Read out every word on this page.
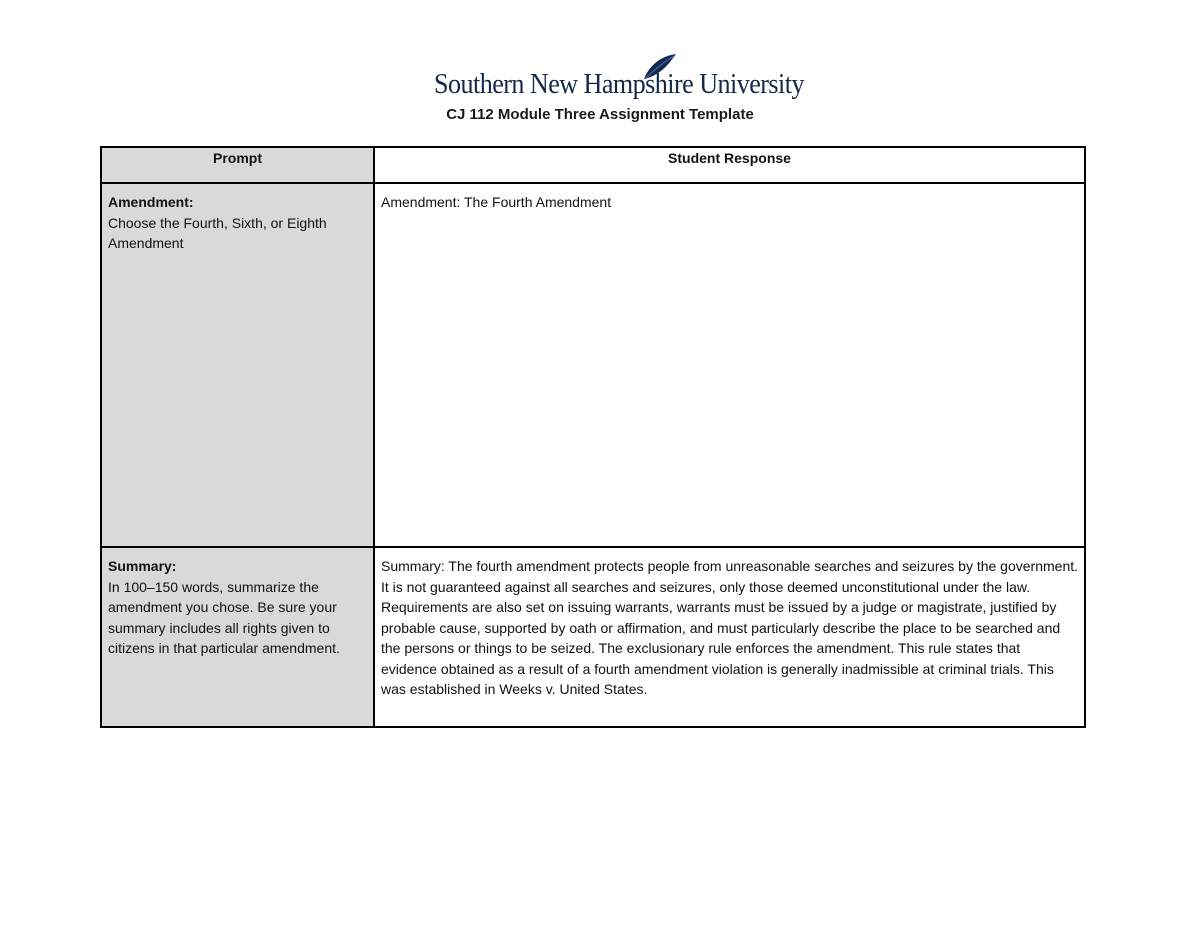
Southern New Hampshire University
CJ 112 Module Three Assignment Template
Prompt	Student Response

Amendment:
Choose the Fourth, Sixth, or Eighth Amendment	Amendment: The Fourth Amendment

Summary:
In 100–150 words, summarize the amendment you chose. Be sure your summary includes all rights given to citizens in that particular amendment.	Summary: The fourth amendment protects people from unreasonable searches and seizures by the government. It is not guaranteed against all searches and seizures, only those deemed unconstitutional under the law. Requirements are also set on issuing warrants, warrants must be issued by a judge or magistrate, justified by probable cause, supported by oath or affirmation, and must particularly describe the place to be searched and the persons or things to be seized. The exclusionary rule enforces the amendment. This rule states that evidence obtained as a result of a fourth amendment violation is generally inadmissible at criminal trials. This was established in Weeks v. United States.
